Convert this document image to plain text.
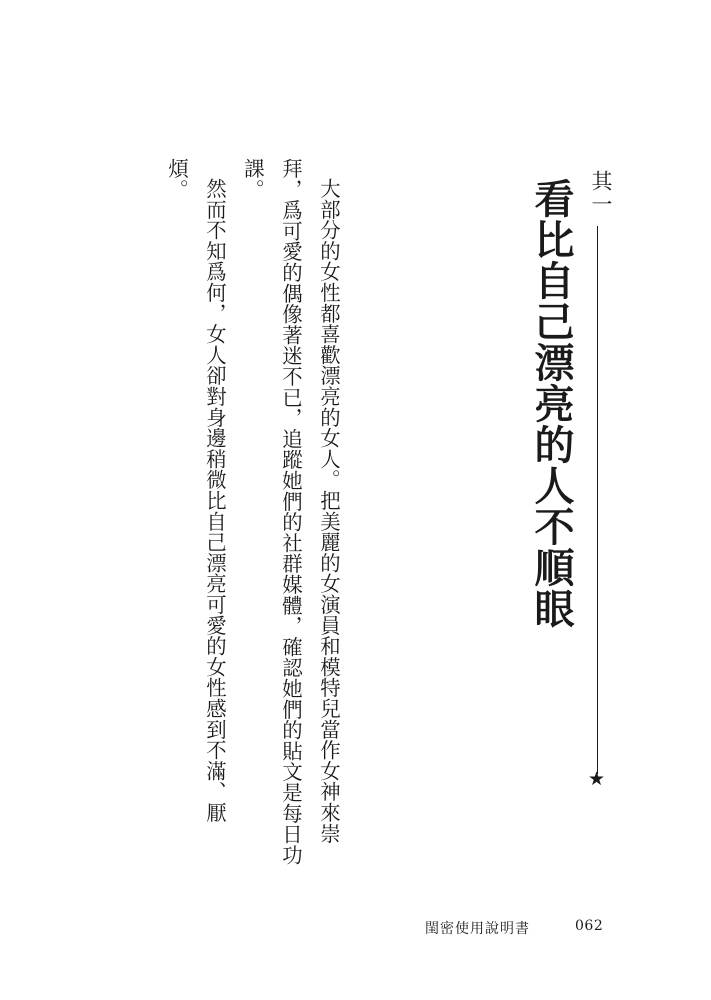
其一
★
看比自己漂亮的人不順眼
大部分的女性都喜歡漂亮的女人。把美麗的女演員和模特兒當作女神來崇
拜，爲可愛的偶像著迷不已，追蹤她們的社群媒體，確認她們的貼文是每日功
課。
然而不知爲何，女人卻對身邊稍微比自己漂亮可愛的女性感到不滿、厭
煩。
閨密使用說明書	062
